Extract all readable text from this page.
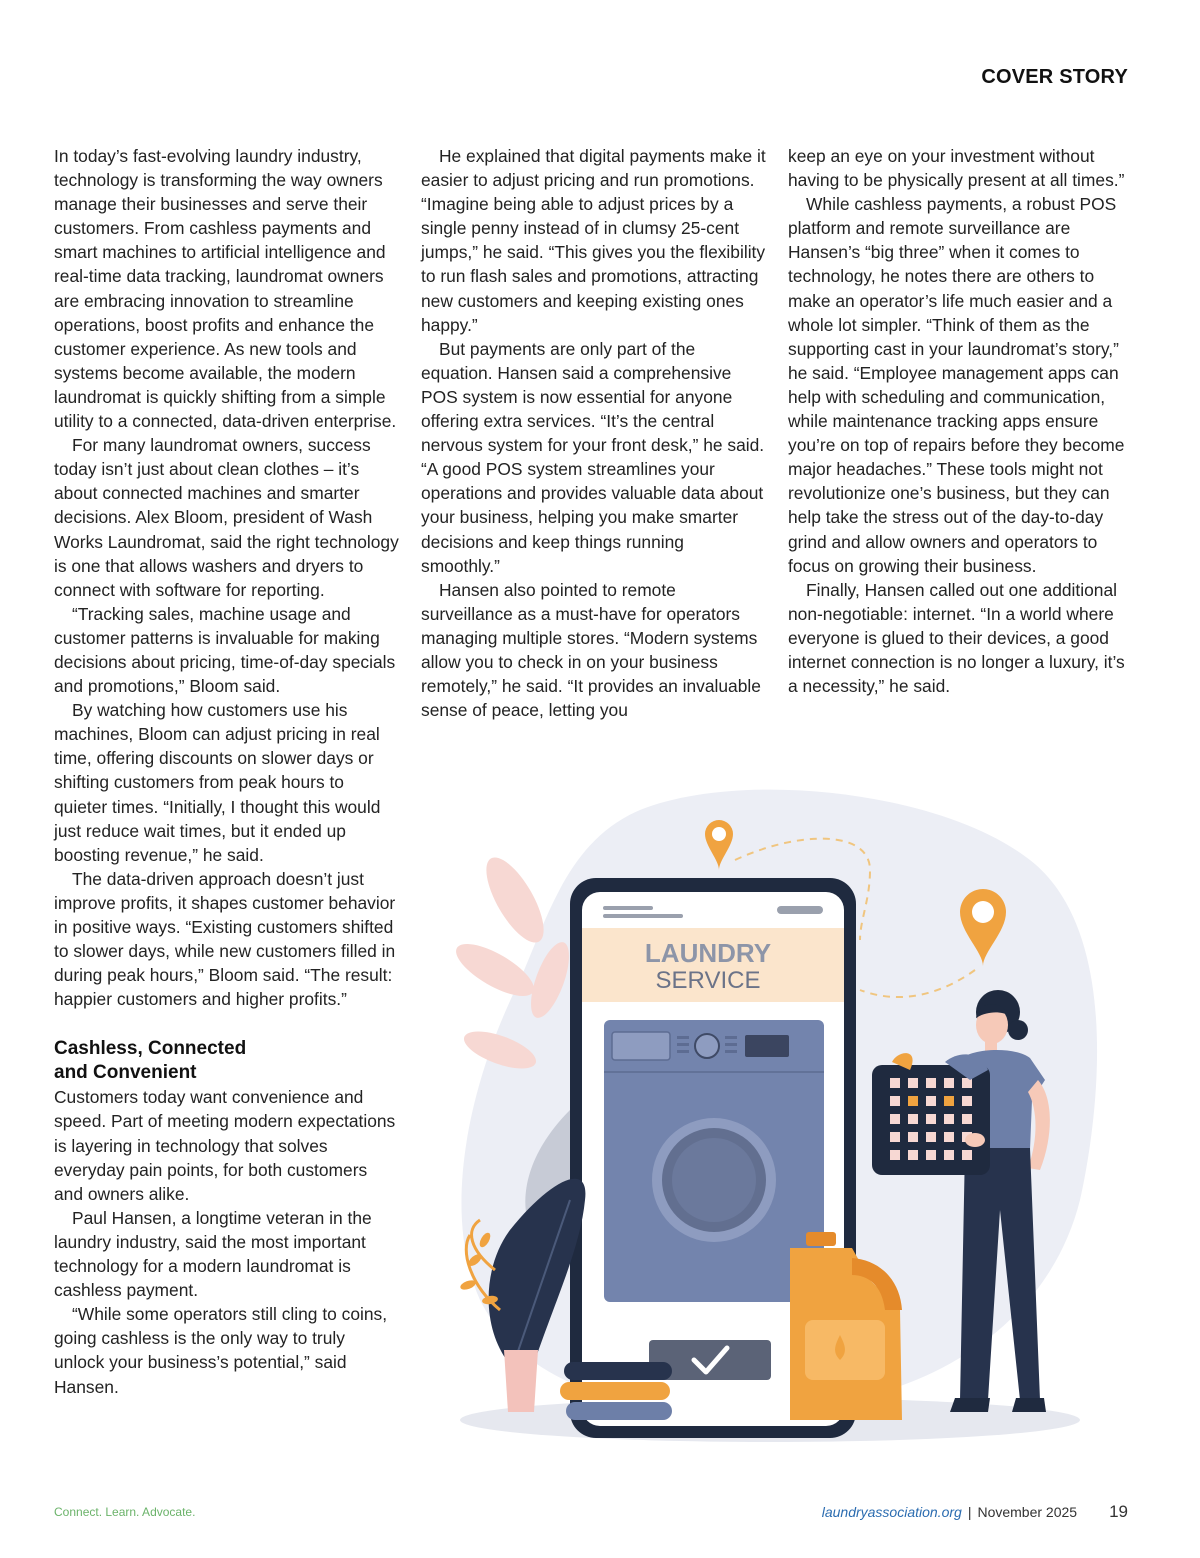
COVER STORY

In today’s fast-evolving laundry industry, technology is transforming the way owners manage their businesses and serve their customers. From cashless payments and smart machines to artificial intelligence and real-time data tracking, laundromat owners are embracing innovation to streamline operations, boost profits and enhance the customer experience. As new tools and systems become available, the modern laundromat is quickly shifting from a simple utility to a connected, data-driven enterprise.

For many laundromat owners, success today isn’t just about clean clothes – it’s about connected machines and smarter decisions. Alex Bloom, president of Wash Works Laundromat, said the right technology is one that allows washers and dryers to connect with software for reporting.

“Tracking sales, machine usage and customer patterns is invaluable for making decisions about pricing, time-of-day specials and promotions,” Bloom said.

By watching how customers use his machines, Bloom can adjust pricing in real time, offering discounts on slower days or shifting customers from peak hours to quieter times. “Initially, I thought this would just reduce wait times, but it ended up boosting revenue,” he said.

The data-driven approach doesn’t just improve profits, it shapes customer behavior in positive ways. “Existing customers shifted to slower days, while new customers filled in during peak hours,” Bloom said. “The result: happier customers and higher profits.”

Cashless, Connected and Convenient

Customers today want convenience and speed. Part of meeting modern expectations is layering in technology that solves everyday pain points, for both customers and owners alike.

Paul Hansen, a longtime veteran in the laundry industry, said the most important technology for a modern laundromat is cashless payment.

“While some operators still cling to coins, going cashless is the only way to truly unlock your business’s potential,” said Hansen.

He explained that digital payments make it easier to adjust pricing and run promotions. “Imagine being able to adjust prices by a single penny instead of in clumsy 25-cent jumps,” he said. “This gives you the flexibility to run flash sales and promotions, attracting new customers and keeping existing ones happy.”

But payments are only part of the equation. Hansen said a comprehensive POS system is now essential for anyone offering extra services. “It’s the central nervous system for your front desk,” he said. “A good POS system streamlines your operations and provides valuable data about your business, helping you make smarter decisions and keep things running smoothly.”

Hansen also pointed to remote surveillance as a must-have for operators managing multiple stores. “Modern systems allow you to check in on your business remotely,” he said. “It provides an invaluable sense of peace, letting you

keep an eye on your investment without having to be physically present at all times.”

While cashless payments, a robust POS platform and remote surveillance are Hansen’s “big three” when it comes to technology, he notes there are others to make an operator’s life much easier and a whole lot simpler. “Think of them as the supporting cast in your laundromat’s story,” he said. “Employee management apps can help with scheduling and communication, while maintenance tracking apps ensure you’re on top of repairs before they become major headaches.” These tools might not revolutionize one’s business, but they can help take the stress out of the day-to-day grind and allow owners and operators to focus on growing their business.

Finally, Hansen called out one additional non-negotiable: internet. “In a world where everyone is glued to their devices, a good internet connection is no longer a luxury, it’s a necessity,” he said.

LAUNDRY
SERVICE
Connect. Learn. Advocate.	laundryassociation.org | November 2025 19
